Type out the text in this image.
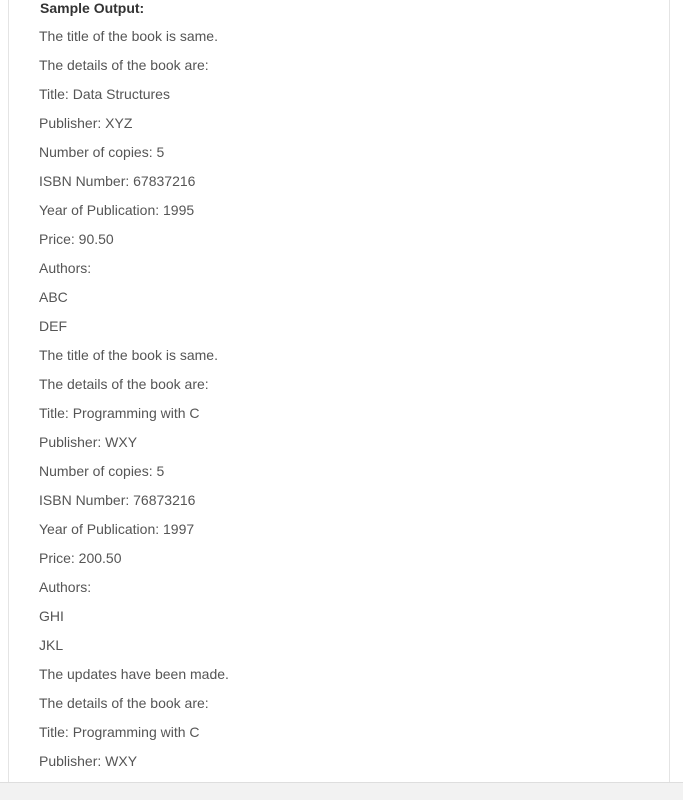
Sample Output:
The title of the book is same.
The details of the book are:
Title: Data Structures
Publisher: XYZ
Number of copies: 5
ISBN Number: 67837216
Year of Publication: 1995
Price: 90.50
Authors:
ABC
DEF
The title of the book is same.
The details of the book are:
Title: Programming with C
Publisher: WXY
Number of copies: 5
ISBN Number: 76873216
Year of Publication: 1997
Price: 200.50
Authors:
GHI
JKL
The updates have been made.
The details of the book are:
Title: Programming with C
Publisher: WXY
